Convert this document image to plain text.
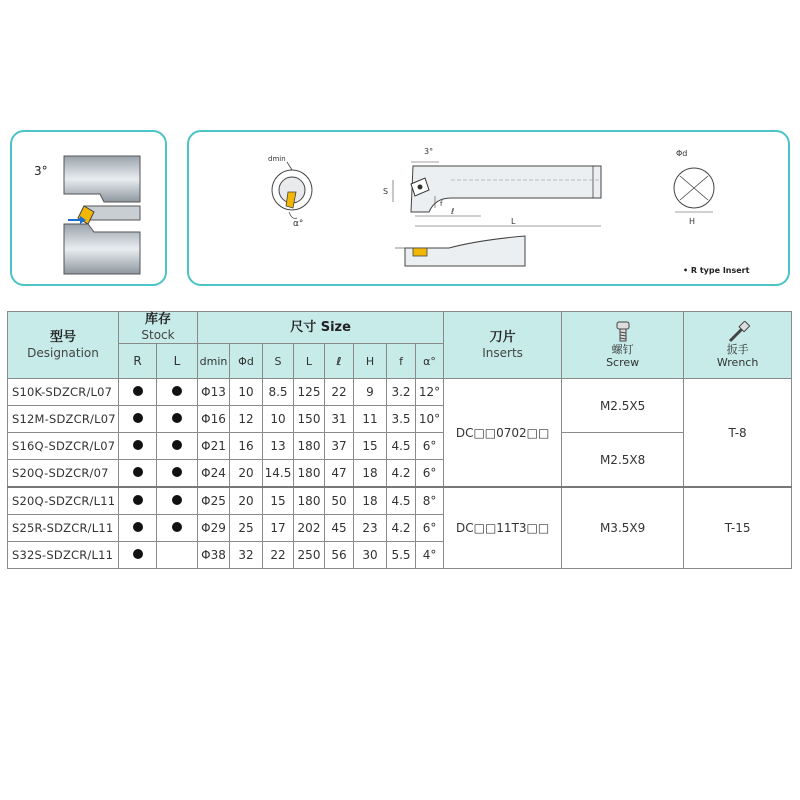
3°
dmin
α°
3°
S
f
ℓ
L
Φd
H
• R type Insert
型号
Designation	库存
Stock		尺寸 Size								刀片
Inserts	螺钉
Screw	扳手
Wrench

	R	L	dmin	Φd	S	L	ℓ	H	f	α°			
S10K-SDZCR/L07			Φ13	10	8.5	125	22	9	3.2	12°	DC□□0702□□	M2.5X5	T-8
S12M-SDZCR/L07			Φ16	12	10	150	31	11	3.5	10°			
S16Q-SDZCR/L07			Φ21	16	13	180	37	15	4.5	6°		M2.5X8	
S20Q-SDZCR/07			Φ24	20	14.5	180	47	18	4.2	6°			
S20Q-SDZCR/L11			Φ25	20	15	180	50	18	4.5	8°	DC□□11T3□□	M3.5X9	T-15
S25R-SDZCR/L11			Φ29	25	17	202	45	23	4.2	6°			
S32S-SDZCR/L11			Φ38	32	22	250	56	30	5.5	4°			
